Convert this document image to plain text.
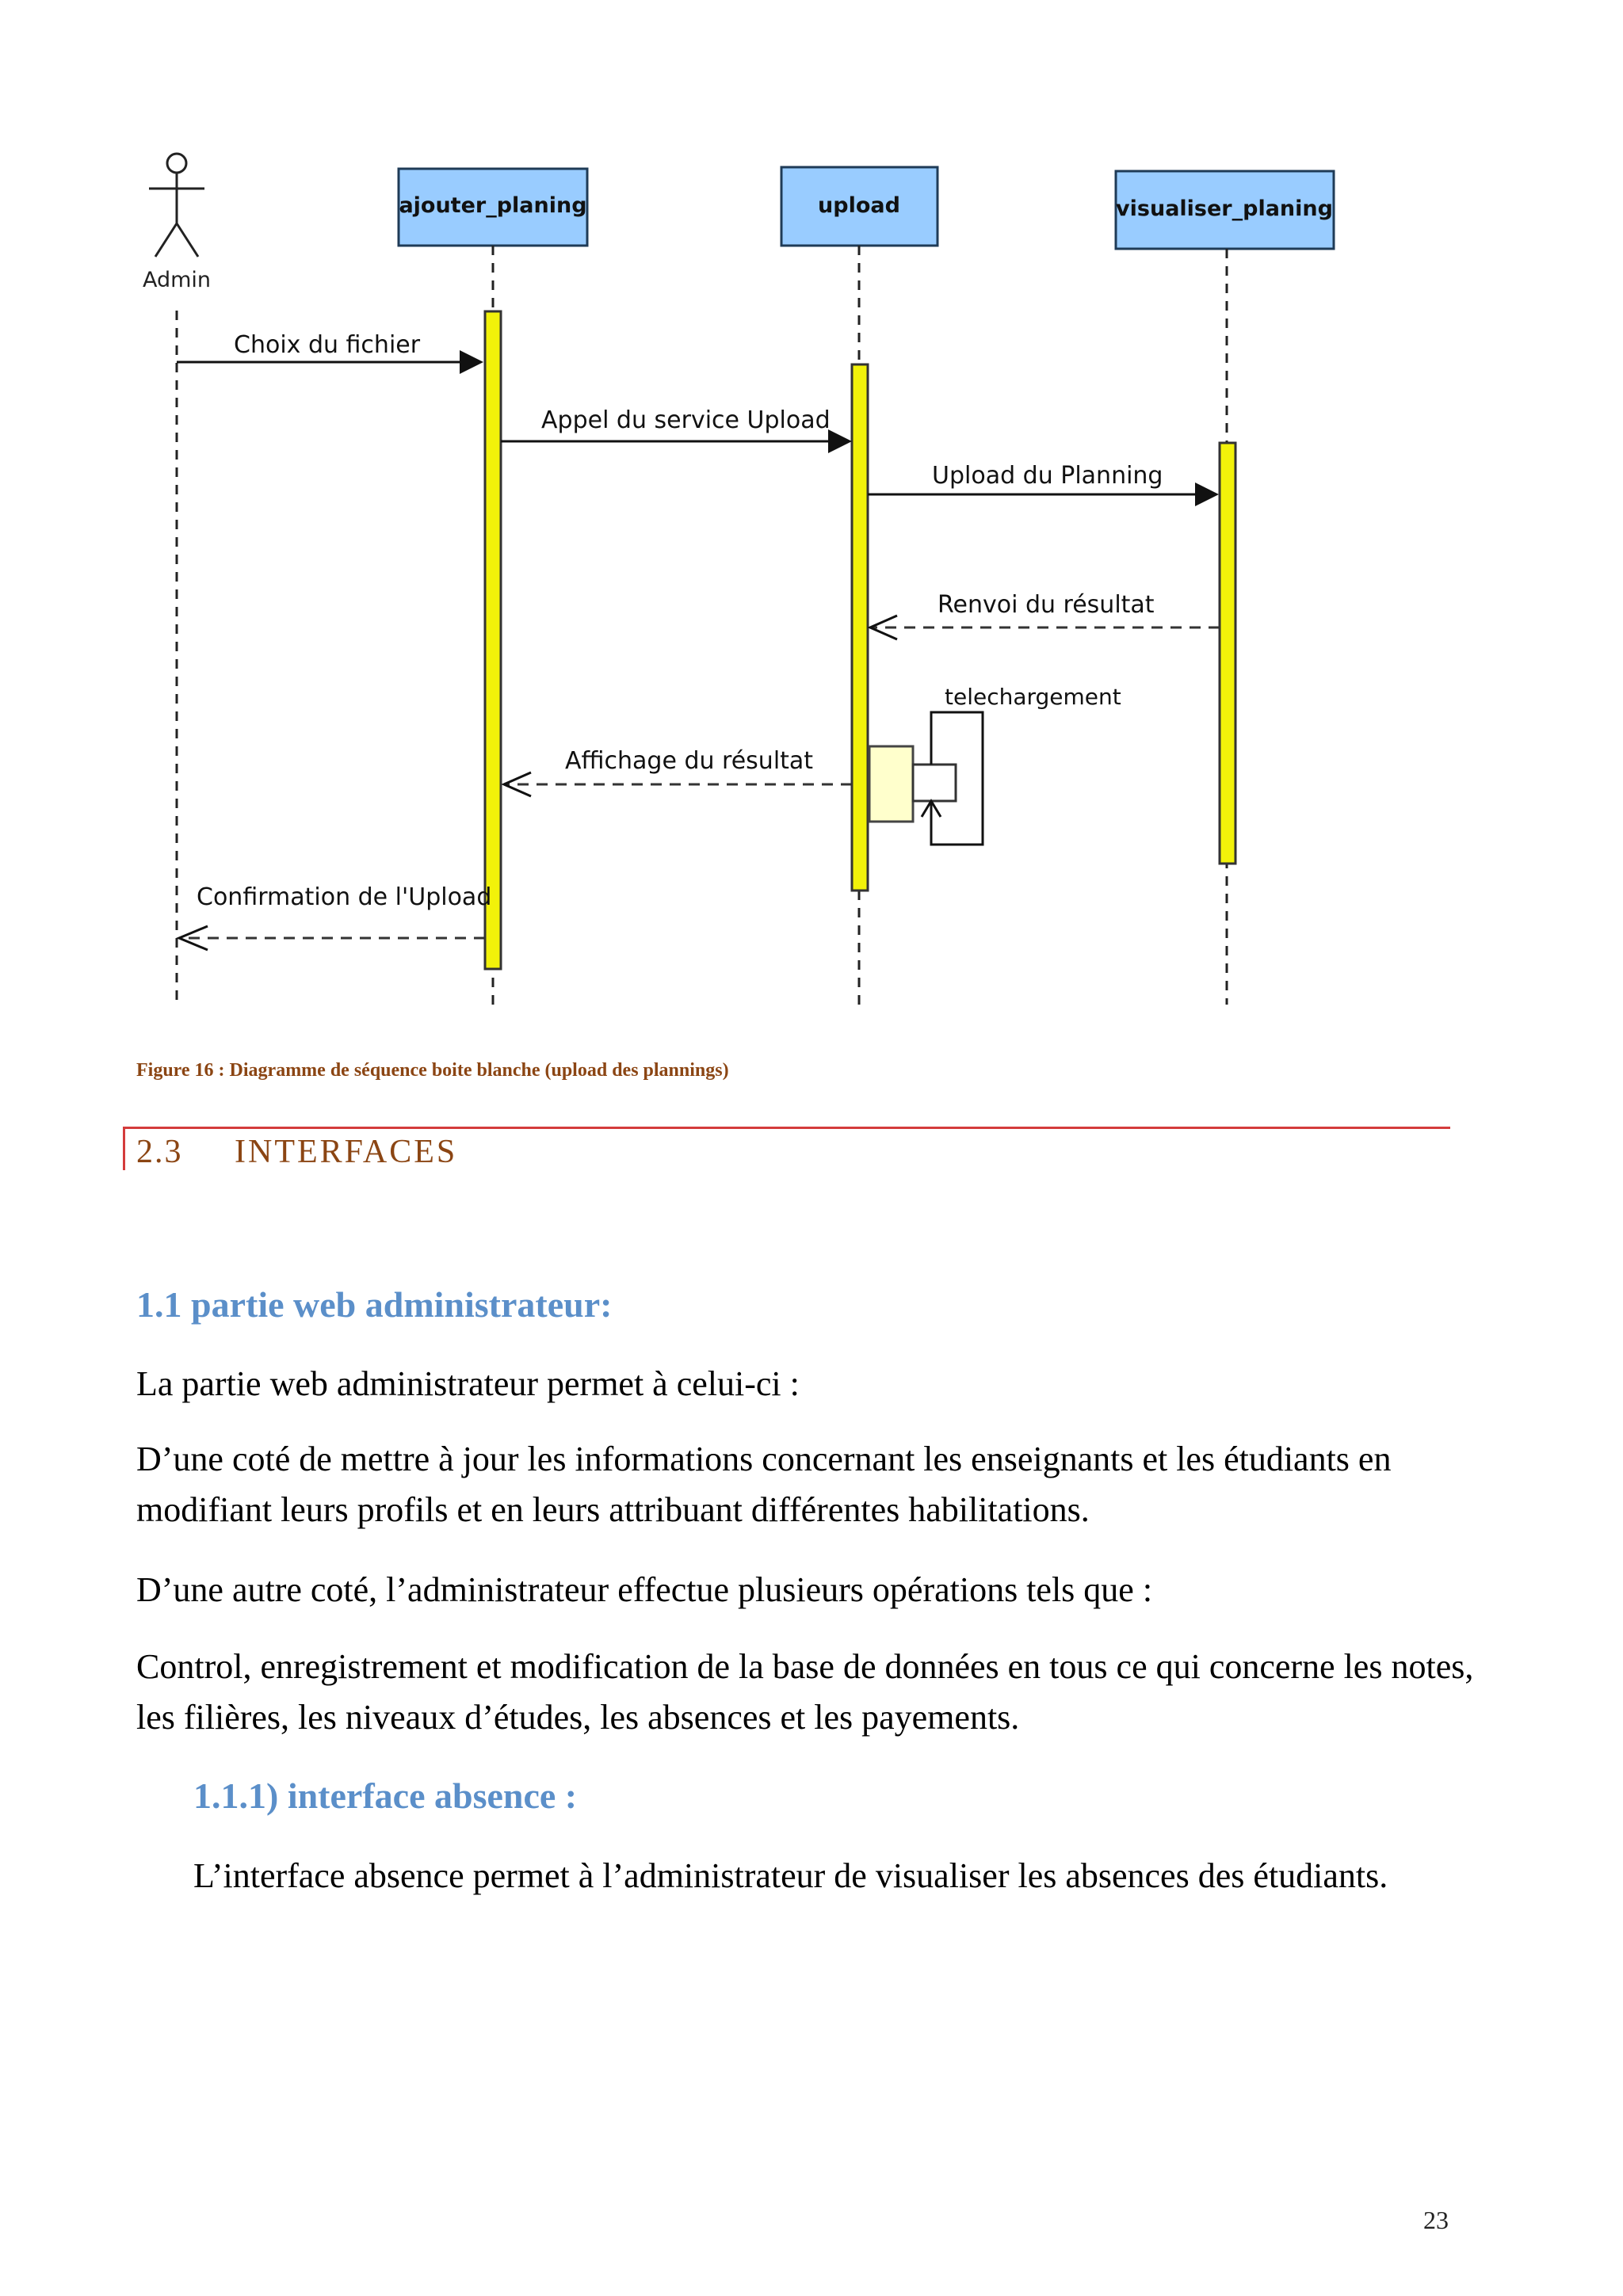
Admin
ajouter_planing	upload	visualiser_planing
telechargement
Choix du fichier
Appel du service Upload
Upload du Planning
Renvoi du résultat
Affichage du résultat
Confirmation de l'Upload
Figure 16 : Diagramme de séquence boite blanche (upload des plannings)
2.3 INTERFACES
1.1 partie web administrateur:
La partie web administrateur permet à celui-ci :
D’une coté de mettre à jour les informations concernant les enseignants et les étudiants en modifiant leurs profils et en leurs attribuant différentes habilitations.
D’une autre coté, l’administrateur effectue plusieurs opérations tels que :
Control, enregistrement et modification de la base de données en tous ce qui concerne les notes, les filières, les niveaux d’études, les absences et les payements.
1.1.1) interface absence :
L’interface absence permet à l’administrateur de visualiser les absences des étudiants.
23
